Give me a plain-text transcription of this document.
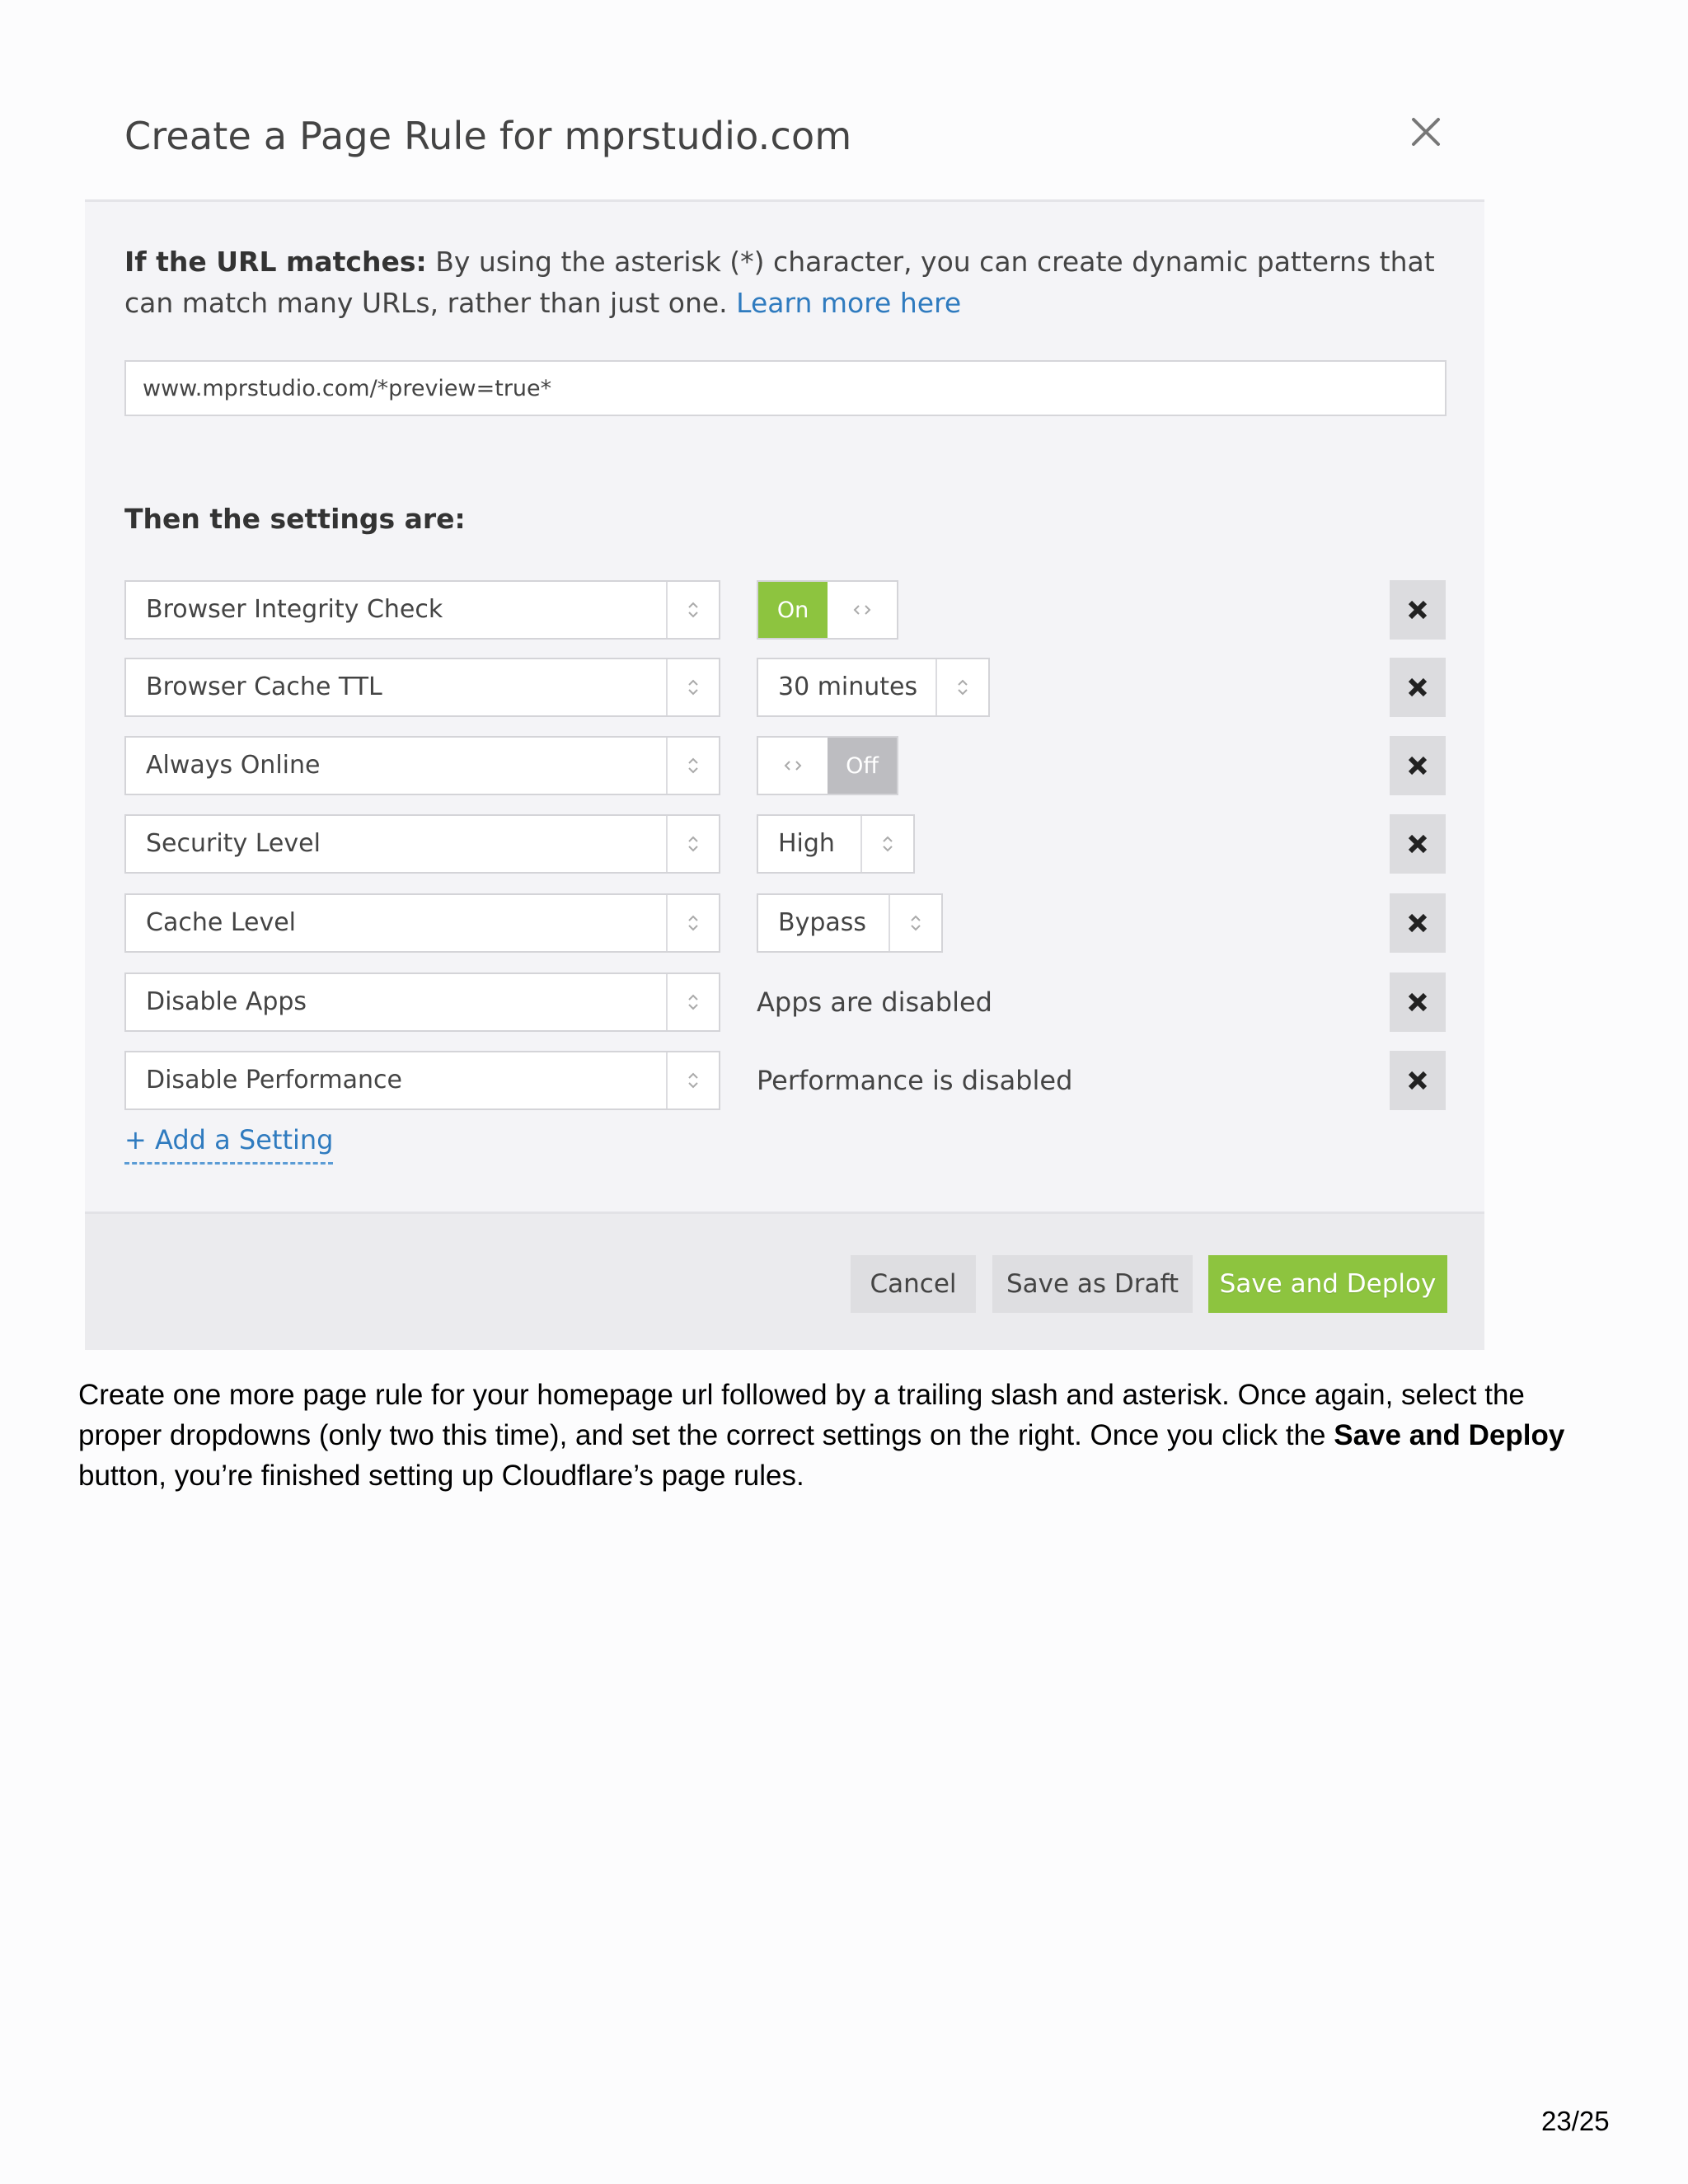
Create a Page Rule for mprstudio.com

If the URL matches: By using the asterisk (*) character, you can create dynamic patterns that can match many URLs, rather than just one. Learn more here

www.mprstudio.com/*preview=true*
Then the settings are:
Browser Integrity Check	On
Browser Cache TTL	30 minutes
Always Online	Off
Security Level	High
Cache Level	Bypass
Disable Apps	Apps are disabled
Disable Performance	Performance is disabled
+ Add a Setting
Cancel	Save as Draft	Save and Deploy

Create one more page rule for your homepage url followed by a trailing slash and asterisk. Once again, select the proper dropdowns (only two this time), and set the correct settings on the right. Once you click the Save and Deploy button, you’re finished setting up Cloudflare’s page rules.

23/25
